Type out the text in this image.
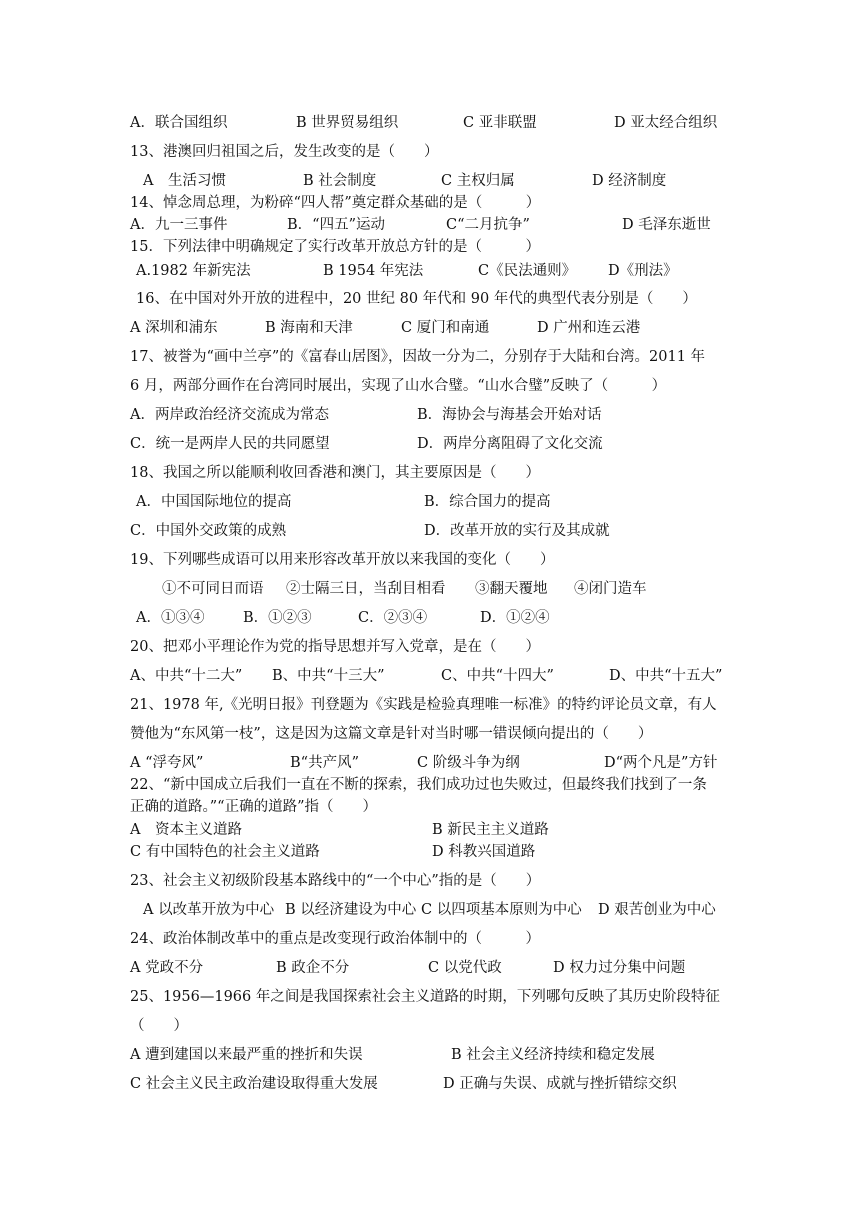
A．联合国组织	B 世界贸易组织	C 亚非联盟	D 亚太经合组织
13、港澳回归祖国之后，发生改变的是（　　）
A　生活习惯	B 社会制度	C 主权归属	D 经济制度
14、悼念周总理，为粉碎“四人帮”奠定群众基础的是（　　　）
A．九一三事件	B．“四五”运动	C“二月抗争”	D 毛泽东逝世
15．下列法律中明确规定了实行改革开放总方针的是（　　　）
A.1982 年新宪法	B 1954 年宪法	C《民法通则》 D《刑法》
16、在中国对外开放的进程中，20 世纪 80 年代和 90 年代的典型代表分别是（　　）
A 深圳和浦东	B 海南和天津	C 厦门和南通	D 广州和连云港
17、被誉为“画中兰亭”的《富春山居图》，因故一分为二，分别存于大陆和台湾。2011 年
6 月，两部分画作在台湾同时展出，实现了山水合璧。“山水合璧”反映了（　　　）
A．两岸政治经济交流成为常态	B．海协会与海基会开始对话
C．统一是两岸人民的共同愿望	D．两岸分离阻碍了文化交流
18、我国之所以能顺利收回香港和澳门，其主要原因是（　　）
A．中国国际地位的提高	B．综合国力的提高
C．中国外交政策的成熟	D．改革开放的实行及其成就
19、下列哪些成语可以用来形容改革开放以来我国的变化（　　）
①不可同日而语 ②士隔三日，当刮目相看 ③翻天覆地 ④闭门造车
A．①③④	B．①②③	C．②③④	D．①②④
20、把邓小平理论作为党的指导思想并写入党章，是在（　　）
A、中共“十二大” B、中共“十三大”	C、中共“十四大”	D、中共“十五大”
21、1978 年,《光明日报》刊登题为《实践是检验真理唯一标准》的特约评论员文章，有人
赞他为“东风第一枝”，这是因为这篇文章是针对当时哪一错误倾向提出的（　　）
A “浮夸风”	B“共产风”	C 阶级斗争为纲	D“两个凡是”方针
22、“新中国成立后我们一直在不断的探索，我们成功过也失败过，但最终我们找到了一条
正确的道路。”“正确的道路”指（　　）
A　资本主义道路	B 新民主主义道路
C 有中国特色的社会主义道路	D 科教兴国道路
23、社会主义初级阶段基本路线中的“一个中心”指的是（　　）
A 以改革开放为中心 B 以经济建设为中心 C 以四项基本原则为中心 D 艰苦创业为中心
24、政治体制改革中的重点是改变现行政治体制中的（　　　）
A 党政不分	B 政企不分	C 以党代政	D 权力过分集中问题
25、1956—1966 年之间是我国探索社会主义道路的时期，下列哪句反映了其历史阶段特征
（　　）
A 遭到建国以来最严重的挫折和失误	B 社会主义经济持续和稳定发展
C 社会主义民主政治建设取得重大发展	D 正确与失误、成就与挫折错综交织
